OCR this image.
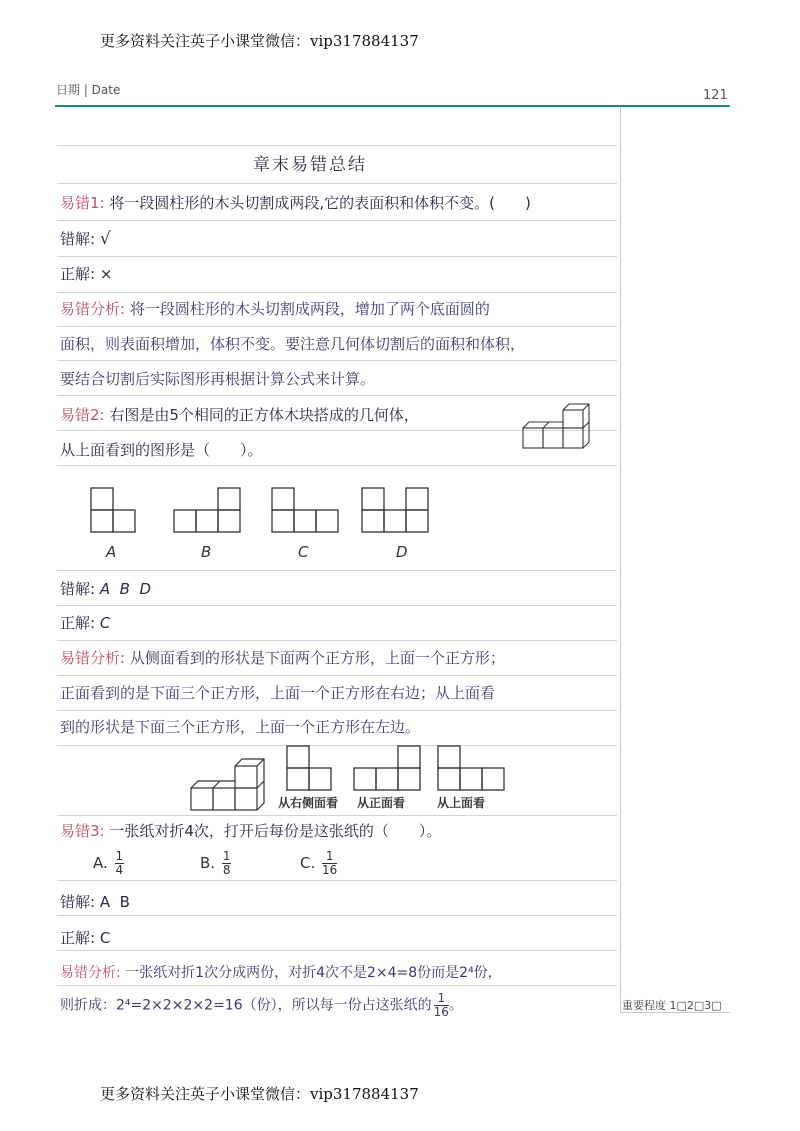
更多资料关注英子小课堂微信：vip317884137
更多资料关注英子小课堂微信：vip317884137
日期 | Date	121
章末易错总结
易错1: 将一段圆柱形的木头切割成两段,它的表面积和体积不变。(　　)
错解: √
正解: ×
易错分析: 将一段圆柱形的木头切割成两段，增加了两个底面圆的
面积，则表面积增加，体积不变。要注意几何体切割后的面积和体积，
要结合切割后实际图形再根据计算公式来计算。
易错2: 右图是由5个相同的正方体木块搭成的几何体，
从上面看到的图形是（　　）。
A	B	C	D
错解: A  B  D
正解: C
易错分析: 从侧面看到的形状是下面两个正方形，上面一个正方形；
正面看到的是下面三个正方形，上面一个正方形在右边；从上面看
到的形状是下面三个正方形，上面一个正方形在左边。
从右侧面看 从正面看	从上面看
易错3: 一张纸对折4次，打开后每份是这张纸的（　　）。
A. $\frac{1}{4}$	B. $\frac{1}{8}$	C. $\frac{1}{16}$
错解: A  B
正解: C
易错分析: 一张纸对折1次分成两份，对折4次不是2×4=8份而是2⁴份，
则折成：2⁴=2×2×2×2=16（份），所以每一份占这张纸的 $\frac{1}{16}$ 。	重要程度 1□2□3□
